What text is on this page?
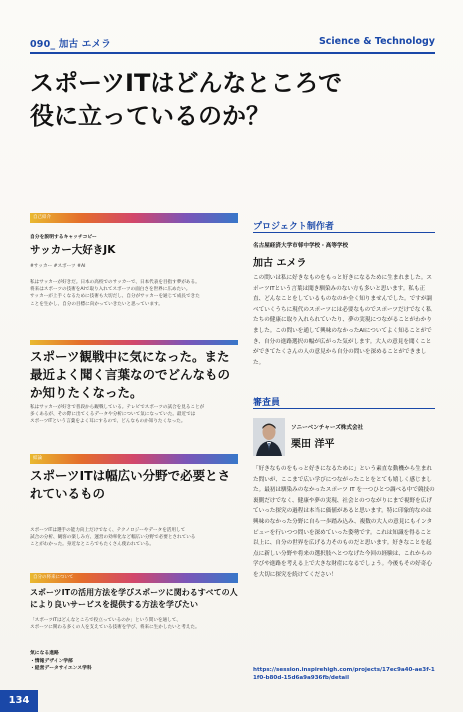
090_ 加古 エメラ	Science & Technology
スポーツITはどんなところで
役に立っているのか？
自己紹介
自分を説明するキャッチコピー
サッカー大好きJK
#サッカー #スポーツ #AI
私はサッカーが好きだ。日本の高校でのサッカーで、日本代表を目指す夢がある。
将来はスポーツの技術をAIで取り入れてスポーツの面白さを世界に広めたい。
サッカーが上手くなるために技術も大切だし、自分がサッカーを通じて成長できた
ことを生かし、自分の目標に向かっていきたいと思っています。
スポーツ観戦中に気になった。また最近よく聞く言葉なのでどんなものか知りたくなった。
私はサッカーが好きで普段から観戦している。テレビでスポーツの試合を見ることが
多くあるが、その際に出てくるデータや分析について気になっていた。最近では
スポーツITという言葉をよく耳にするので、どんなものか知りたくなった。
結論
スポーツITは幅広い分野で必要とされているもの
スポーツITは選手の能力向上だけでなく、テクノロジーやデータを活用して
試合の分析、観客の楽しみ方、運営の効率化など幅広い分野で必要とされている
ことがわかった。身近なところでもたくさん使われている。
自分の将来について
スポーツITの活用方法を学びスポーツに関わるすべての人により良いサービスを提供する方法を学びたい
「スポーツITはどんなところで役立っているのか」という問いを通して、
スポーツに関わる多くの人を支えている技術を学び、将来に生かしたいと考えた。
気になる進路
・情報デザイン学部
・経営データサイエンス学科
プロジェクト制作者
名古屋経済大学市邨中学校・高等学校
加古 エメラ
この問いは私に好きなものをもっと好きになるために生まれました。スポーツITという言葉は聞き馴染みのない方も多いと思います。私も正直、どんなことをしているものなのか全く知りませんでした。ですが調べていくうちに現代のスポーツには必要なものでスポーツだけでなく私たちの健康に取り入れられていたり、夢の実現につながることがわかりました。この問いを通して興味のなかったAIについてよく知ることができ、自分の進路選択の幅が広がった気がします。大人の意見を聞くことができてたくさんの人の意見から自分の問いを深めることができました。
審査員
ソニーベンチャーズ株式会社
栗田 洋平
「好きなものをもっと好きになるために」という素直な動機から生まれた問いが、ここまで広い学びにつながったことをとても嬉しく感じました。最初は馴染みのなかったスポーツ IT を一つひとつ調べる中で競技の裏側だけでなく、健康や夢の実現、社会とのつながりにまで視野を広げていった探究の過程は本当に価値があると思います。特に印象的なのは興味のなかった分野に自ら一歩踏み込み、複数の大人の意見にもインタビューを行いつつ問いを深めていった姿勢です。これは知識を得ること以上に、自分の世界を広げる力そのものだと思います。好きなことを起点に新しい分野や将来の選択肢へとつなげた今回の経験は、これからの学びや進路を考える上で大きな財産になるでしょう。今後もその好奇心を大切に探究を続けてください！
https://session.inspirehigh.com/projects/17ec9a40-ae3f-11f0-b80d-15d6a9a936fb/detail
134
